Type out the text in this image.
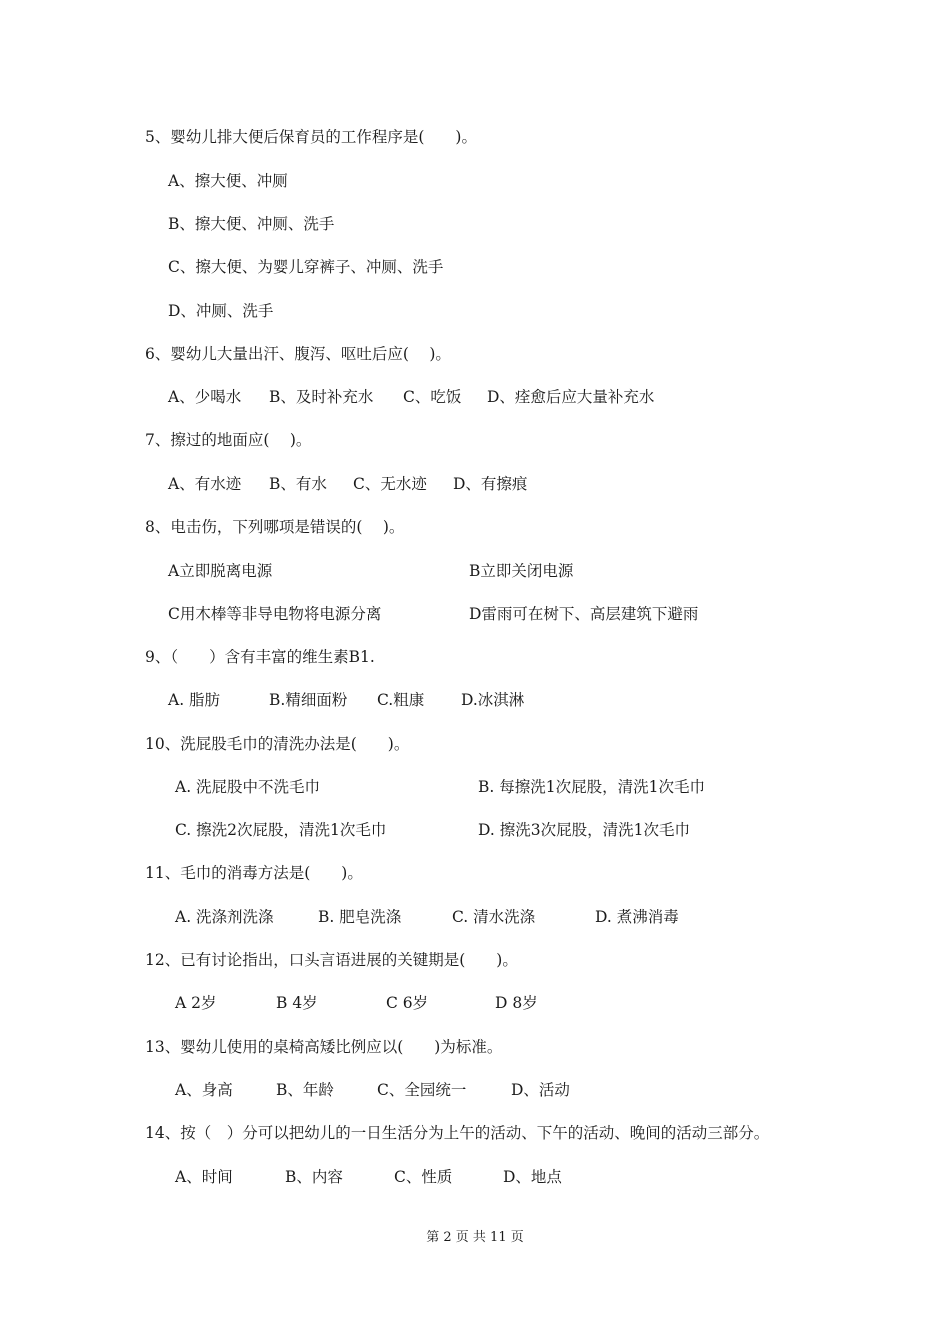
5、婴幼儿排大便后保育员的工作程序是(　　)。
A、擦大便、冲厕
B、擦大便、冲厕、洗手
C、擦大便、为婴儿穿裤子、冲厕、洗手
D、冲厕、洗手
6、婴幼儿大量出汗、腹泻、呕吐后应(　 )。
A、少喝水 B、及时补充水 C、吃饭 D、痊愈后应大量补充水
7、擦过的地面应(　 )。
A、有水迹 B、有水 C、无水迹 D、有擦痕
8、电击伤，下列哪项是错误的(　 )。
A立即脱离电源	B立即关闭电源
C用木棒等非导电物将电源分离	D雷雨可在树下、高层建筑下避雨
9、（　　）含有丰富的维生素B1.
A. 脂肪	B.精细面粉 C.粗康 D.冰淇淋
10、洗屁股毛巾的清洗办法是(　　)。
A. 洗屁股中不洗毛巾	B. 每擦洗1次屁股，清洗1次毛巾
C. 擦洗2次屁股，清洗1次毛巾	D. 擦洗3次屁股，清洗1次毛巾
11、毛巾的消毒方法是(　　)。
A. 洗涤剂洗涤	B. 肥皂洗涤	C. 清水洗涤	D. 煮沸消毒
12、已有讨论指出，口头言语进展的关键期是(　　)。
A 2岁	B 4岁	C 6岁	D 8岁
13、婴幼儿使用的桌椅高矮比例应以(　　)为标准。
A、身高	B、年龄	C、全园统一	D、活动
14、按（　）分可以把幼儿的一日生活分为上午的活动、下午的活动、晚间的活动三部分。
A、时间	B、内容	C、性质	D、地点
第 2 页 共 11 页
